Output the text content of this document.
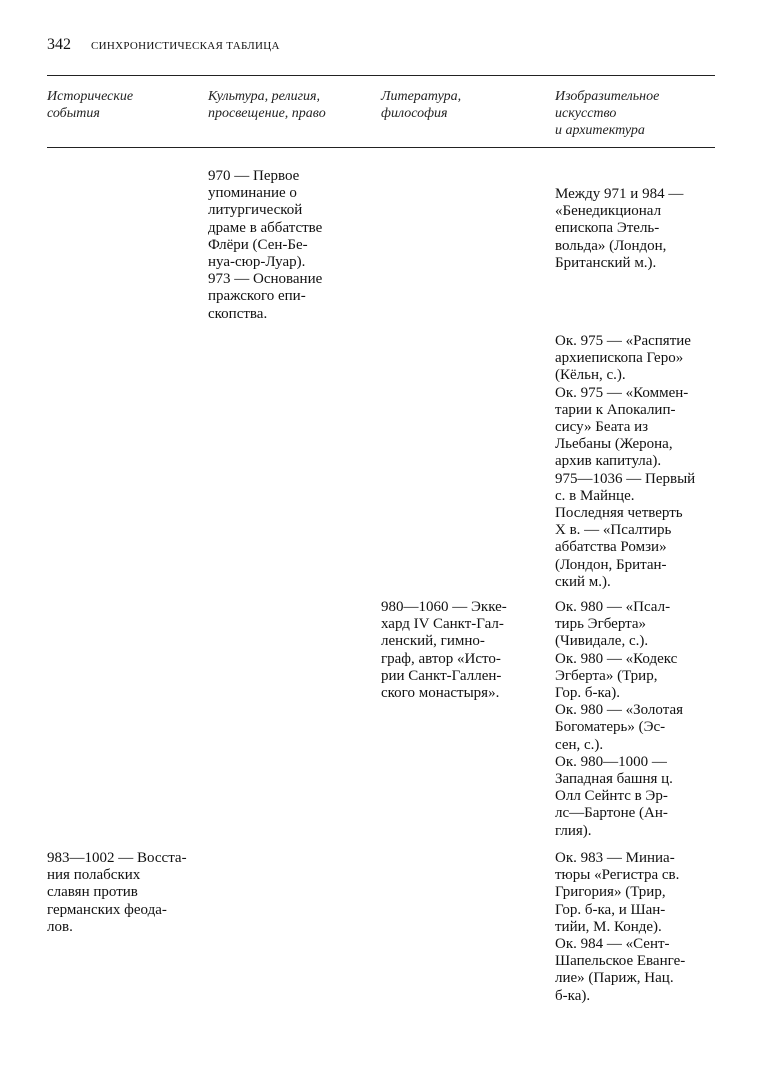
342 СИНХРОНИСТИЧЕСКАЯ ТАБЛИЦА
Исторические
события
Культура, религия,
просвещение, право
Литература,
философия
Изобразительное
искусство
и архитектура
970 — Первое
упоминание о
литургической
драме в аббатстве
Флёри (Сен-Бе-
нуа-сюр-Луар).
973 — Основание
пражского епи-
скопства.
Между 971 и 984 —
«Бенедикционал
епископа Этель-
вольда» (Лондон,
Британский м.).
Ок. 975 — «Распятие
архиепископа Геро»
(Кёльн, с.).
Ок. 975 — «Коммен-
тарии к Апокалип-
сису» Беата из
Льебаны (Жерона,
архив капитула).
975—1036 — Первый
с. в Майнце.
Последняя четверть
X в. — «Псалтирь
аббатства Ромзи»
(Лондон, Британ-
ский м.).
980—1060 — Экке-
хард IV Санкт-Гал-
ленский, гимно-
граф, автор «Исто-
рии Санкт-Галлен-
ского монастыря».
Ок. 980 — «Псал-
тирь Эгберта»
(Чивидале, с.).
Ок. 980 — «Кодекс
Эгберта» (Трир,
Гор. б-ка).
Ок. 980 — «Золотая
Богоматерь» (Эс-
сен, с.).
Ок. 980—1000 —
Западная башня ц.
Олл Сейнтс в Эр-
лс—Бартоне (Ан-
глия).
983—1002 — Восста-
ния полабских
славян против
германских феода-
лов.
Ок. 983 — Миниа-
тюры «Регистра св.
Григория» (Трир,
Гор. б-ка, и Шан-
тийи, М. Конде).
Ок. 984 — «Сент-
Шапельское Еванге-
лие» (Париж, Нац.
б-ка).
